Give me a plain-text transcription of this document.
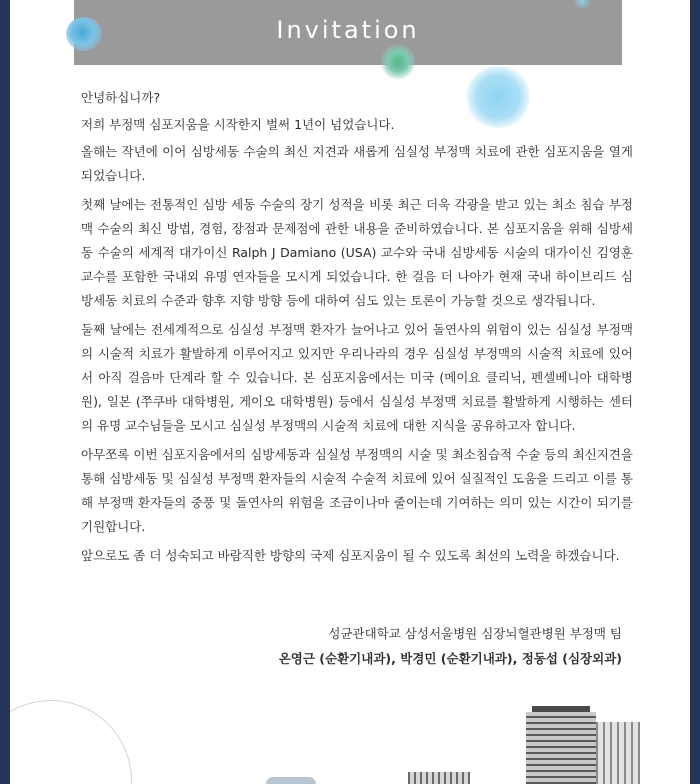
Invitation

안녕하십니까?

저희 부정맥 심포지움을 시작한지 벌써 1년이 넘었습니다.

올해는 작년에 이어 심방세동 수술의 최신 지견과 새롭게 심실성 부정맥 치료에 관한 심포지움을 열게 되었습니다.

첫째 날에는 전통적인 심방 세동 수술의 장기 성적을 비롯 최근 더욱 각광을 받고 있는 최소 침습 부정맥 수술의 최신 방법, 경험, 장점과 문제점에 관한 내용을 준비하였습니다. 본 심포지움을 위해 심방세동 수술의 세계적 대가이신 Ralph J Damiano (USA) 교수와 국내 심방세동 시술의 대가이신 김영훈 교수를 포함한 국내외 유명 연자들을 모시게 되었습니다. 한 걸음 더 나아가 현재 국내 하이브리드 심방세동 치료의 수준과 향후 지향 방향 등에 대하여 심도 있는 토론이 가능할 것으로 생각됩니다.

둘째 날에는 전세계적으로 심실성 부정맥 환자가 늘어나고 있어 돌연사의 위험이 있는 심실성 부정맥의 시술적 치료가 활발하게 이루어지고 있지만 우리나라의 경우 심실성 부정맥의 시술적 치료에 있어서 아직 걸음마 단계라 할 수 있습니다. 본 심포지움에서는 미국 (메이요 클리닉, 펜셀베니아 대학병원), 일본 (쭈쿠바 대학병원, 게이오 대학병원) 등에서 심실성 부정맥 치료를 활발하게 시행하는 센터의 유명 교수님들을 모시고 심실성 부정맥의 시술적 치료에 대한 지식을 공유하고자 합니다.

아무쪼록 이번 심포지움에서의 심방세동과 심실성 부정맥의 시술 및 최소침습적 수술 등의 최신지견을 통해 심방세동 및 심실성 부정맥 환자들의 시술적 수술적 치료에 있어 실질적인 도움을 드리고 이를 통해 부정맥 환자들의 중풍 및 돌연사의 위험을 조금이나마 줄이는데 기여하는 의미 있는 시간이 되기를 기원합니다.

앞으로도 좀 더 성숙되고 바람직한 방향의 국제 심포지움이 될 수 있도록 최선의 노력을 하겠습니다.

성균관대학교 삼성서울병원 심장뇌혈관병원 부정맥 팀
온영근 (순환기내과), 박경민 (순환기내과), 정동섭 (심장외과)
